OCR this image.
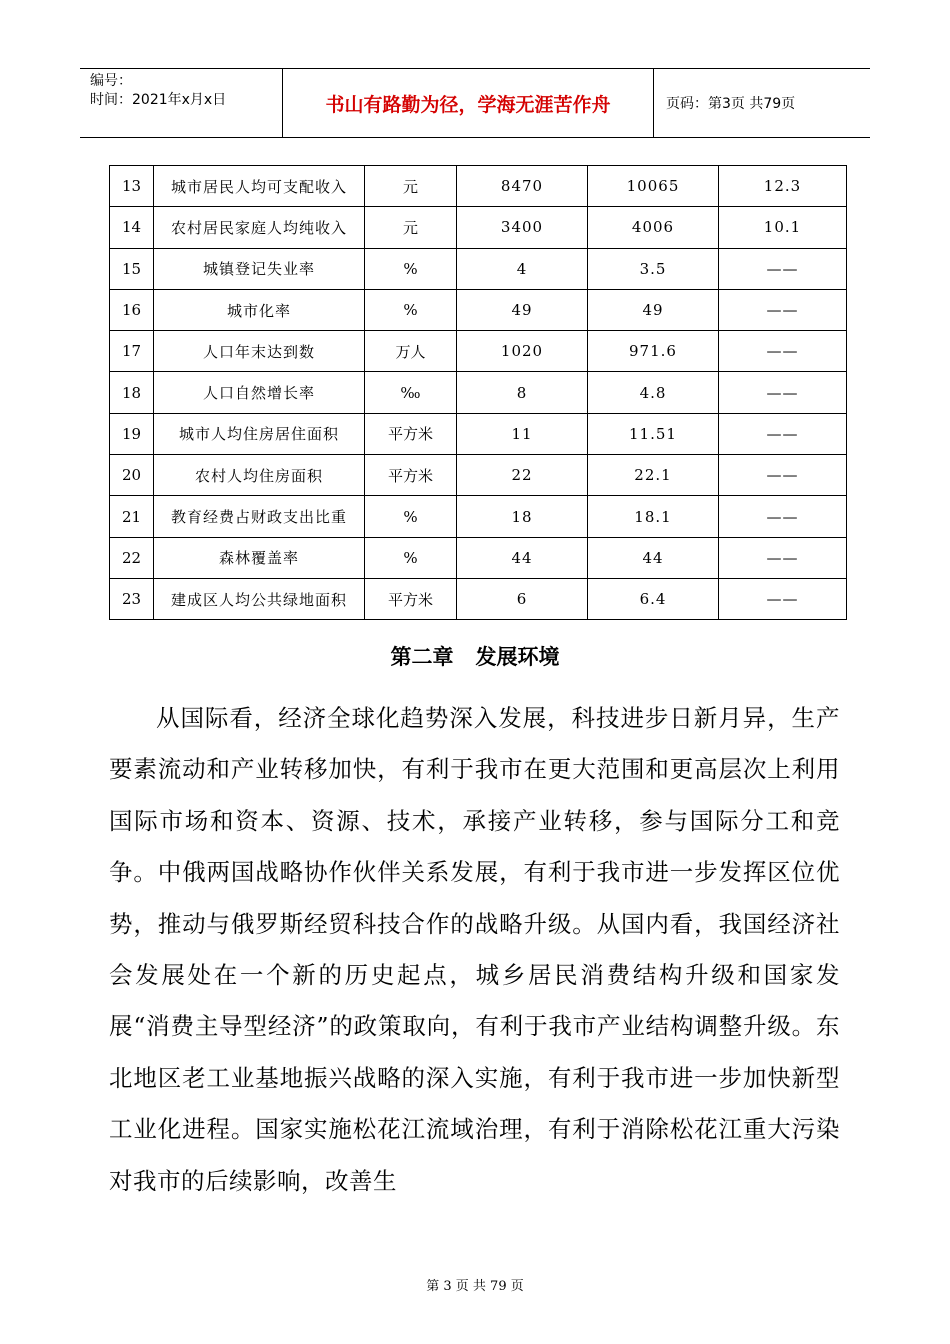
编号：
时间：2021年x月x日	书山有路勤为径，学海无涯苦作舟	页码：第3页 共79页
13	城市居民人均可支配收入	元	8470	10065	12.3
14	农村居民家庭人均纯收入	元	3400	4006	10.1
15	城镇登记失业率	%	4	3.5	——
16	城市化率	%	49	49	——
17	人口年末达到数	万人	1020	971.6	——
18	人口自然增长率	‰	8	4.8	——
19	城市人均住房居住面积	平方米	11	11.51	——
20	农村人均住房面积	平方米	22	22.1	——
21	教育经费占财政支出比重	%	18	18.1	——
22	森林覆盖率	%	44	44	——
23	建成区人均公共绿地面积	平方米	6	6.4	——
第二章 发展环境

从国际看，经济全球化趋势深入发展，科技进步日新月异，生产要素流动和产业转移加快，有利于我市在更大范围和更高层次上利用国际市场和资本、资源、技术，承接产业转移，参与国际分工和竞争。中俄两国战略协作伙伴关系发展，有利于我市进一步发挥区位优势，推动与俄罗斯经贸科技合作的战略升级。从国内看，我国经济社会发展处在一个新的历史起点，城乡居民消费结构升级和国家发展“消费主导型经济”的政策取向，有利于我市产业结构调整升级。东北地区老工业基地振兴战略的深入实施，有利于我市进一步加快新型工业化进程。国家实施松花江流域治理，有利于消除松花江重大污染对我市的后续影响，改善生

第 3 页 共 79 页
